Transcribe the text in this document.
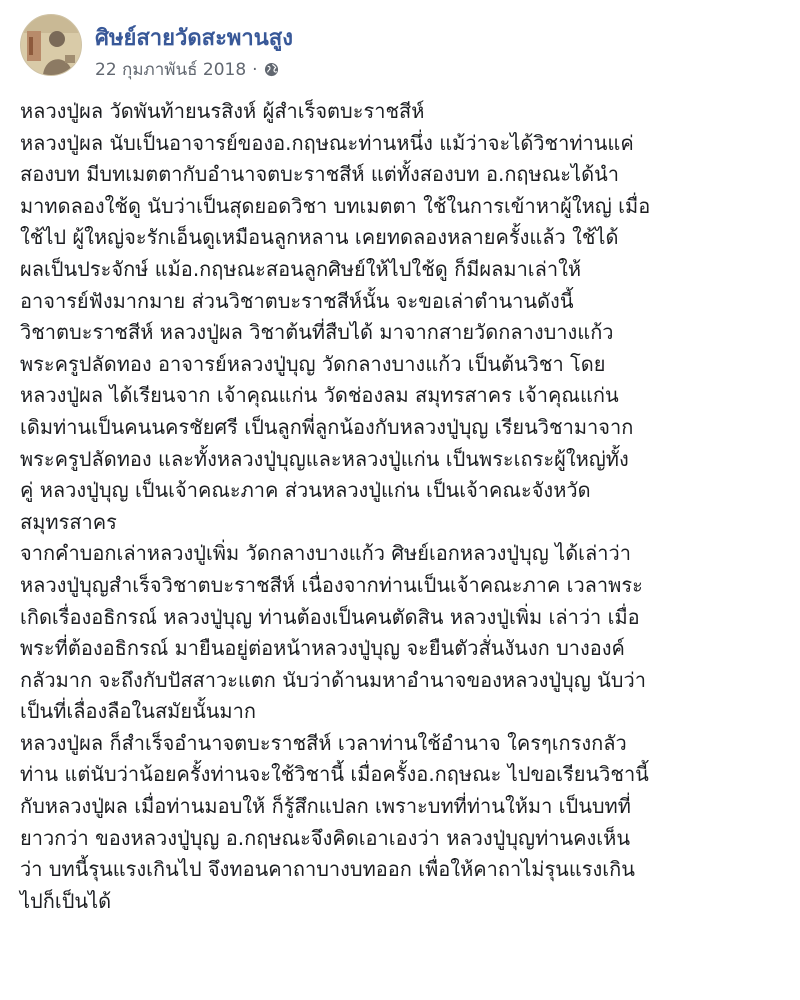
ศิษย์สายวัดสะพานสูง
22 กุมภาพันธ์ 2018 ·
หลวงปู่ผล วัดพันท้ายนรสิงห์ ผู้สำเร็จตบะราชสีห์
หลวงปู่ผล นับเป็นอาจารย์ของอ.กฤษณะท่านหนึ่ง แม้ว่าจะได้วิชาท่านแค่
สองบท มีบทเมตตากับอำนาจตบะราชสีห์ แต่ทั้งสองบท อ.กฤษณะได้นำ
มาทดลองใช้ดู นับว่าเป็นสุดยอดวิชา บทเมตตา ใช้ในการเข้าหาผู้ใหญ่ เมื่อ
ใช้ไป ผู้ใหญ่จะรักเอ็นดูเหมือนลูกหลาน เคยทดลองหลายครั้งแล้ว ใช้ได้
ผลเป็นประจักษ์ แม้อ.กฤษณะสอนลูกศิษย์ให้ไปใช้ดู ก็มีผลมาเล่าให้
อาจารย์ฟังมากมาย ส่วนวิชาตบะราชสีห์นั้น จะขอเล่าตำนานดังนี้
วิชาตบะราชสีห์ หลวงปู่ผล วิชาต้นที่สืบได้ มาจากสายวัดกลางบางแก้ว
พระครูปลัดทอง อาจารย์หลวงปู่บุญ วัดกลางบางแก้ว เป็นต้นวิชา โดย
หลวงปู่ผล ได้เรียนจาก เจ้าคุณแก่น วัดช่องลม สมุทรสาคร เจ้าคุณแก่น
เดิมท่านเป็นคนนครชัยศรี เป็นลูกพี่ลูกน้องกับหลวงปู่บุญ เรียนวิชามาจาก
พระครูปลัดทอง และทั้งหลวงปู่บุญและหลวงปู่แก่น เป็นพระเถระผู้ใหญ่ทั้ง
คู่ หลวงปู่บุญ เป็นเจ้าคณะภาค ส่วนหลวงปู่แก่น เป็นเจ้าคณะจังหวัด
สมุทรสาคร
จากคำบอกเล่าหลวงปู่เพิ่ม วัดกลางบางแก้ว ศิษย์เอกหลวงปู่บุญ ได้เล่าว่า
หลวงปู่บุญสำเร็จวิชาตบะราชสีห์ เนื่องจากท่านเป็นเจ้าคณะภาค เวลาพระ
เกิดเรื่องอธิกรณ์ หลวงปู่บุญ ท่านต้องเป็นคนตัดสิน หลวงปู่เพิ่ม เล่าว่า เมื่อ
พระที่ต้องอธิกรณ์ มายืนอยู่ต่อหน้าหลวงปู่บุญ จะยืนตัวสั่นงันงก บางองค์
กลัวมาก จะถึงกับปัสสาวะแตก นับว่าด้านมหาอำนาจของหลวงปู่บุญ นับว่า
เป็นที่เลื่องลือในสมัยนั้นมาก
หลวงปู่ผล ก็สำเร็จอำนาจตบะราชสีห์ เวลาท่านใช้อำนาจ ใครๆเกรงกลัว
ท่าน แต่นับว่าน้อยครั้งท่านจะใช้วิชานี้ เมื่อครั้งอ.กฤษณะ ไปขอเรียนวิชานี้
กับหลวงปู่ผล เมื่อท่านมอบให้ ก็รู้สึกแปลก เพราะบทที่ท่านให้มา เป็นบทที่
ยาวกว่า ของหลวงปู่บุญ อ.กฤษณะจึงคิดเอาเองว่า หลวงปู่บุญท่านคงเห็น
ว่า บทนี้รุนแรงเกินไป จึงทอนคาถาบางบทออก เพื่อให้คาถาไม่รุนแรงเกิน
ไปก็เป็นได้
